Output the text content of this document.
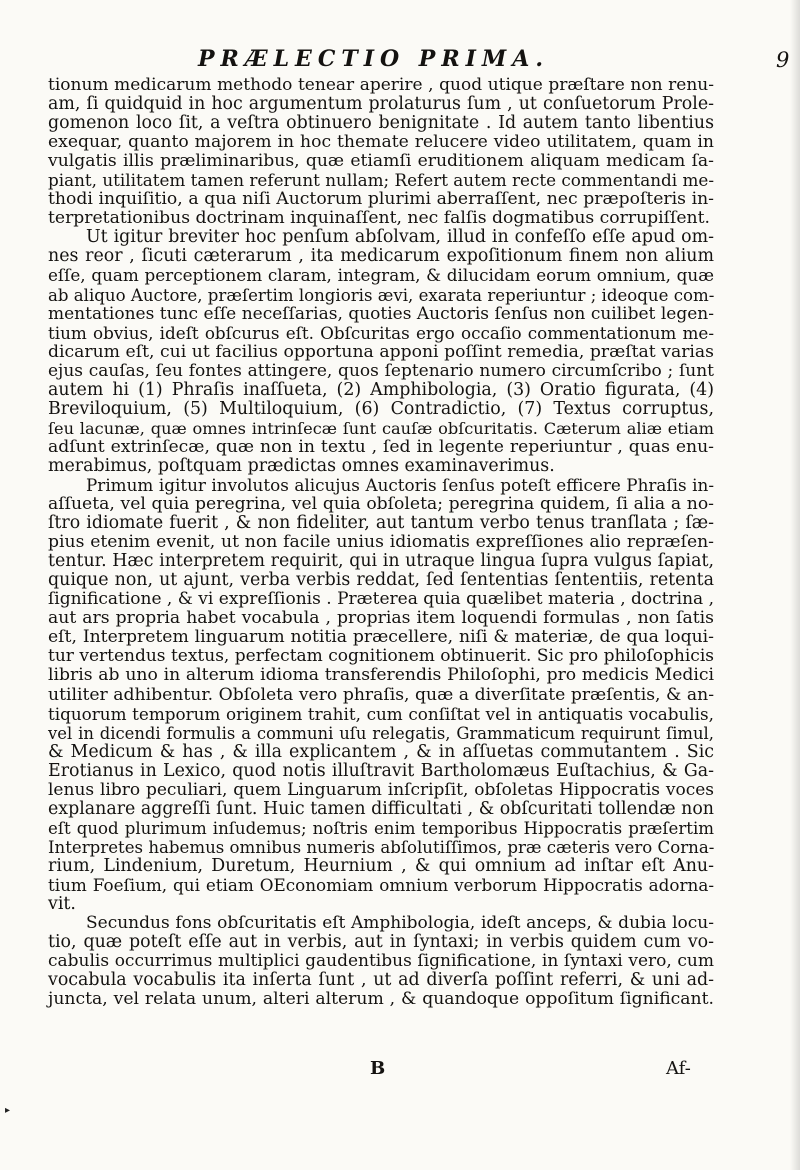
PRÆLECTIO PRIMA.	9
tionum medicarum methodo tenear aperire , quod utique præſtare non renu-
am, ſi quidquid in hoc argumentum prolaturus ſum , ut conſuetorum Prole-
gomenon loco ſit, a veſtra obtinuero benignitate . Id autem tanto libentius
exequar, quanto majorem in hoc themate relucere video utilitatem, quam in
vulgatis illis præliminaribus, quæ etiamſi eruditionem aliquam medicam ſa-
piant, utilitatem tamen referunt nullam; Refert autem recte commentandi me-
thodi inquiſitio, a qua niſi Auctorum plurimi aberraſſent, nec præpoſteris in-
terpretationibus doctrinam inquinaſſent, nec falſis dogmatibus corrupiſſent.
Ut igitur breviter hoc penſum abſolvam, illud in confeſſo eſſe apud om-
nes reor , ſicuti cæterarum , ita medicarum expoſitionum finem non alium
eſſe, quam perceptionem claram, integram, & dilucidam eorum omnium, quæ
ab aliquo Auctore, præſertim longioris ævi, exarata reperiuntur ; ideoque com-
mentationes tunc eſſe neceſſarias, quoties Auctoris ſenſus non cuilibet legen-
tium obvius, ideſt obſcurus eſt. Obſcuritas ergo occaſio commentationum me-
dicarum eſt, cui ut facilius opportuna apponi poſſint remedia, præſtat varias
ejus cauſas, ſeu fontes attingere, quos ſeptenario numero circumſcribo ; ſunt
autem hi (1) Phraſis inaſſueta, (2) Amphibologia, (3) Oratio figurata, (4)
Breviloquium, (5) Multiloquium, (6) Contradictio, (7) Textus corruptus,
ſeu lacunæ, quæ omnes intrinſecæ ſunt cauſæ obſcuritatis. Cæterum aliæ etiam
adſunt extrinſecæ, quæ non in textu , ſed in legente reperiuntur , quas enu-
merabimus, poſtquam prædictas omnes examinaverimus.
Primum igitur involutos alicujus Auctoris ſenſus poteſt efficere Phraſis in-
aſſueta, vel quia peregrina, vel quia obſoleta; peregrina quidem, ſi alia a no-
ſtro idiomate fuerit , & non fideliter, aut tantum verbo tenus tranſlata ; ſæ-
pius etenim evenit, ut non facile unius idiomatis expreſſiones alio repræſen-
tentur. Hæc interpretem requirit, qui in utraque lingua ſupra vulgus ſapiat,
quique non, ut ajunt, verba verbis reddat, ſed ſententias ſententiis, retenta
ſignificatione , & vi expreſſionis . Præterea quia quælibet materia , doctrina ,
aut ars propria habet vocabula , proprias item loquendi formulas , non ſatis
eſt, Interpretem linguarum notitia præcellere, niſi & materiæ, de qua loqui-
tur vertendus textus, perfectam cognitionem obtinuerit. Sic pro philoſophicis
libris ab uno in alterum idioma transferendis Philoſophi, pro medicis Medici
utiliter adhibentur. Obſoleta vero phraſis, quæ a diverſitate præſentis, & an-
tiquorum temporum originem trahit, cum conſiſtat vel in antiquatis vocabulis,
vel in dicendi formulis a communi uſu relegatis, Grammaticum requirunt ſimul,
& Medicum & has , & illa explicantem , & in aſſuetas commutantem . Sic
Erotianus in Lexico, quod notis illuſtravit Bartholomæus Euſtachius, & Ga-
lenus libro peculiari, quem Linguarum inſcripſit, obſoletas Hippocratis voces
explanare aggreſſi ſunt. Huic tamen difficultati , & obſcuritati tollendæ non
eſt quod plurimum inſudemus; noſtris enim temporibus Hippocratis præſertim
Interpretes habemus omnibus numeris abſolutiſſimos, præ cæteris vero Corna-
rium, Lindenium, Duretum, Heurnium , & qui omnium ad inſtar eſt Anu-
tium Foeſium, qui etiam OEconomiam omnium verborum Hippocratis adorna-
vit.
Secundus fons obſcuritatis eſt Amphibologia, ideſt anceps, & dubia locu-
tio, quæ poteſt eſſe aut in verbis, aut in ſyntaxi; in verbis quidem cum vo-
cabulis occurrimus multiplici gaudentibus ſignificatione, in ſyntaxi vero, cum
vocabula vocabulis ita inſerta ſunt , ut ad diverſa poſſint referri, & uni ad-
juncta, vel relata unum, alteri alterum , & quandoque oppoſitum ſignificant.
B	Af-
▸
